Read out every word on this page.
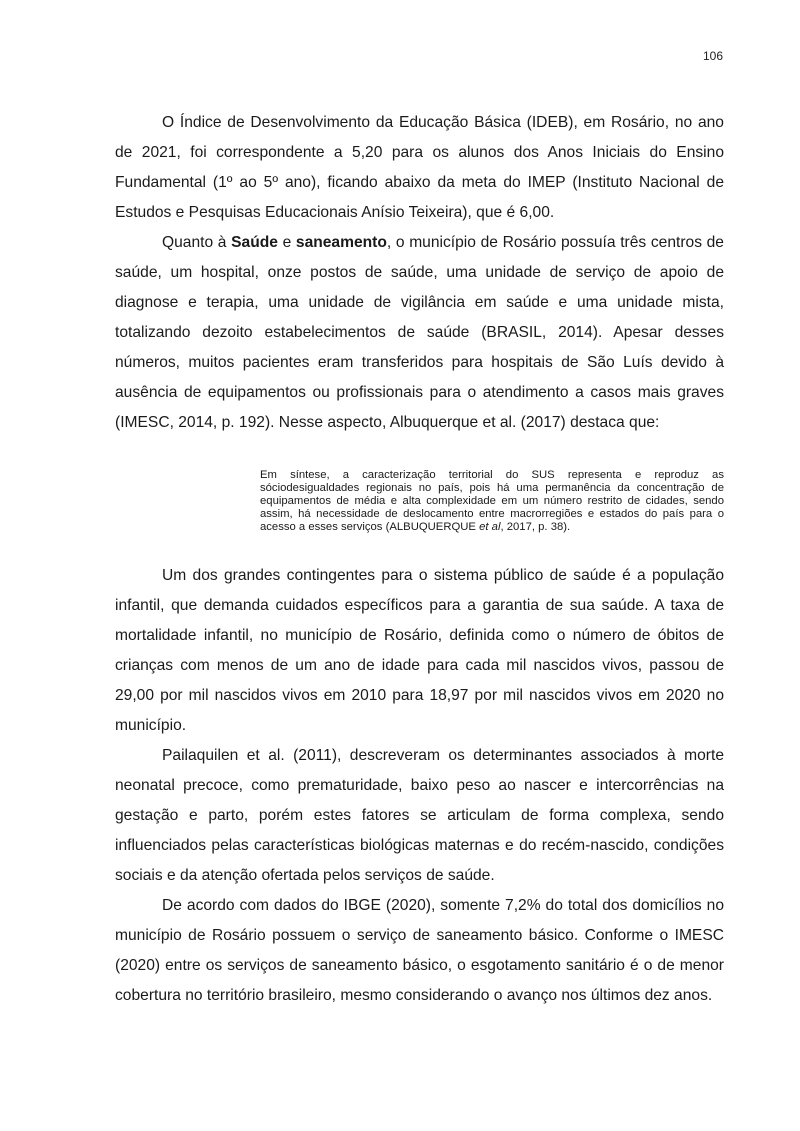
106

O Índice de Desenvolvimento da Educação Básica (IDEB), em Rosário, no ano de 2021, foi correspondente a 5,20 para os alunos dos Anos Iniciais do Ensino Fundamental (1º ao 5º ano), ficando abaixo da meta do IMEP (Instituto Nacional de Estudos e Pesquisas Educacionais Anísio Teixeira), que é 6,00.

Quanto à Saúde e saneamento, o município de Rosário possuía três centros de saúde, um hospital, onze postos de saúde, uma unidade de serviço de apoio de diagnose e terapia, uma unidade de vigilância em saúde e uma unidade mista, totalizando dezoito estabelecimentos de saúde (BRASIL, 2014). Apesar desses números, muitos pacientes eram transferidos para hospitais de São Luís devido à ausência de equipamentos ou profissionais para o atendimento a casos mais graves (IMESC, 2014, p. 192). Nesse aspecto, Albuquerque et al. (2017) destaca que:

Em síntese, a caracterização territorial do SUS representa e reproduz as sóciodesigualdades regionais no país, pois há uma permanência da concentração de equipamentos de média e alta complexidade em um número restrito de cidades, sendo assim, há necessidade de deslocamento entre macrorregiões e estados do país para o acesso a esses serviços (ALBUQUERQUE et al, 2017, p. 38).

Um dos grandes contingentes para o sistema público de saúde é a população infantil, que demanda cuidados específicos para a garantia de sua saúde. A taxa de mortalidade infantil, no município de Rosário, definida como o número de óbitos de crianças com menos de um ano de idade para cada mil nascidos vivos, passou de 29,00 por mil nascidos vivos em 2010 para 18,97 por mil nascidos vivos em 2020 no município.

Pailaquilen et al. (2011), descreveram os determinantes associados à morte neonatal precoce, como prematuridade, baixo peso ao nascer e intercorrências na gestação e parto, porém estes fatores se articulam de forma complexa, sendo influenciados pelas características biológicas maternas e do recém-nascido, condições sociais e da atenção ofertada pelos serviços de saúde.

De acordo com dados do IBGE (2020), somente 7,2% do total dos domicílios no município de Rosário possuem o serviço de saneamento básico. Conforme o IMESC (2020) entre os serviços de saneamento básico, o esgotamento sanitário é o de menor cobertura no território brasileiro, mesmo considerando o avanço nos últimos dez anos.
